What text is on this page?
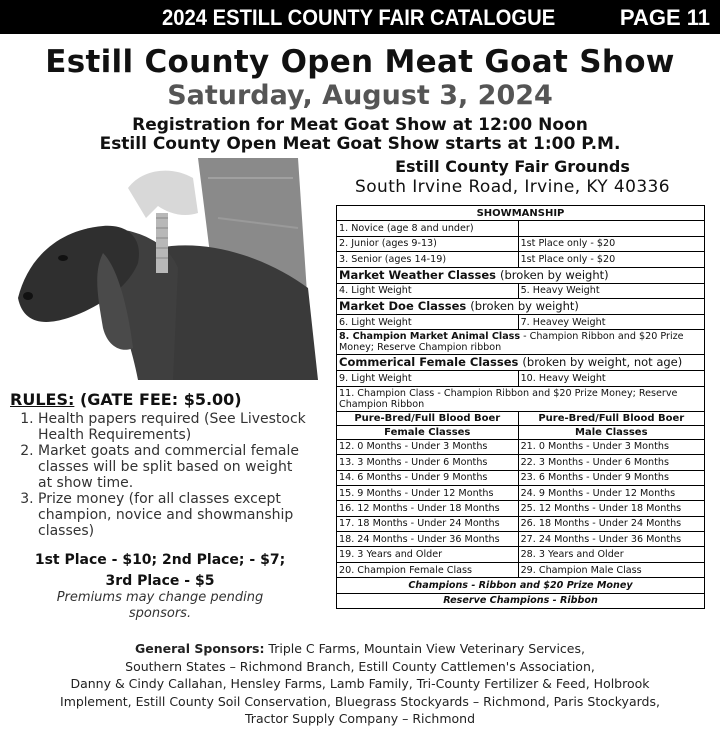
2024 ESTILL COUNTY FAIR CATALOGUE	PAGE 11
Estill County Open Meat Goat Show
Saturday, August 3, 2024
Registration for Meat Goat Show at 12:00 Noon
Estill County Open Meat Goat Show starts at 1:00 P.M.
Estill County Fair Grounds
South Irvine Road, Irvine, KY 40336
RULES: (GATE FEE: $5.00)
1. Health papers required (See Livestock Health Requirements)
2. Market goats and commercial female classes will be split based on weight at show time.
3. Prize money (for all classes except champion, novice and showmanship classes)
1st Place - $10; 2nd Place; - $7;
3rd Place - $5
Premiums may change pending sponsors.
SHOWMANSHIP	
1. Novice (age 8 and under)	
2. Junior (ages 9-13)	1st Place only - $20
3. Senior (ages 14-19)	1st Place only - $20
Market Weather Classes (broken by weight)	
4. Light Weight	5. Heavy Weight
Market Doe Classes (broken by weight)	
6. Light Weight	7. Heavey Weight
8. Champion Market Animal Class - Champion Ribbon and $20 Prize Money; Reserve Champion ribbon	
Commerical Female Classes (broken by weight, not age)	
9. Light Weight	10. Heavy Weight
11. Champion Class - Champion Ribbon and $20 Prize Money; Reserve Champion Ribbon	
Pure-Bred/Full Blood Boer	Pure-Bred/Full Blood Boer
Female Classes	Male Classes
12. 0 Months - Under 3 Months	21. 0 Months - Under 3 Months
13. 3 Months - Under 6 Months	22. 3 Months - Under 6 Months
14. 6 Months - Under 9 Months	23. 6 Months - Under 9 Months
15. 9 Months - Under 12 Months	24. 9 Months - Under 12 Months
16. 12 Months - Under 18 Months	25. 12 Months - Under 18 Months
17. 18 Months - Under 24 Months	26. 18 Months - Under 24 Months
18. 24 Months - Under 36 Months	27. 24 Months - Under 36 Months
19. 3 Years and Older	28. 3 Years and Older
20. Champion Female Class	29. Champion Male Class
Champions - Ribbon and $20 Prize Money	
Reserve Champions - Ribbon	
General Sponsors: Triple C Farms, Mountain View Veterinary Services,
Southern States – Richmond Branch, Estill County Cattlemen's Association,
Danny & Cindy Callahan, Hensley Farms, Lamb Family, Tri-County Fertilizer & Feed, Holbrook
Implement, Estill County Soil Conservation, Bluegrass Stockyards – Richmond, Paris Stockyards,
Tractor Supply Company – Richmond
